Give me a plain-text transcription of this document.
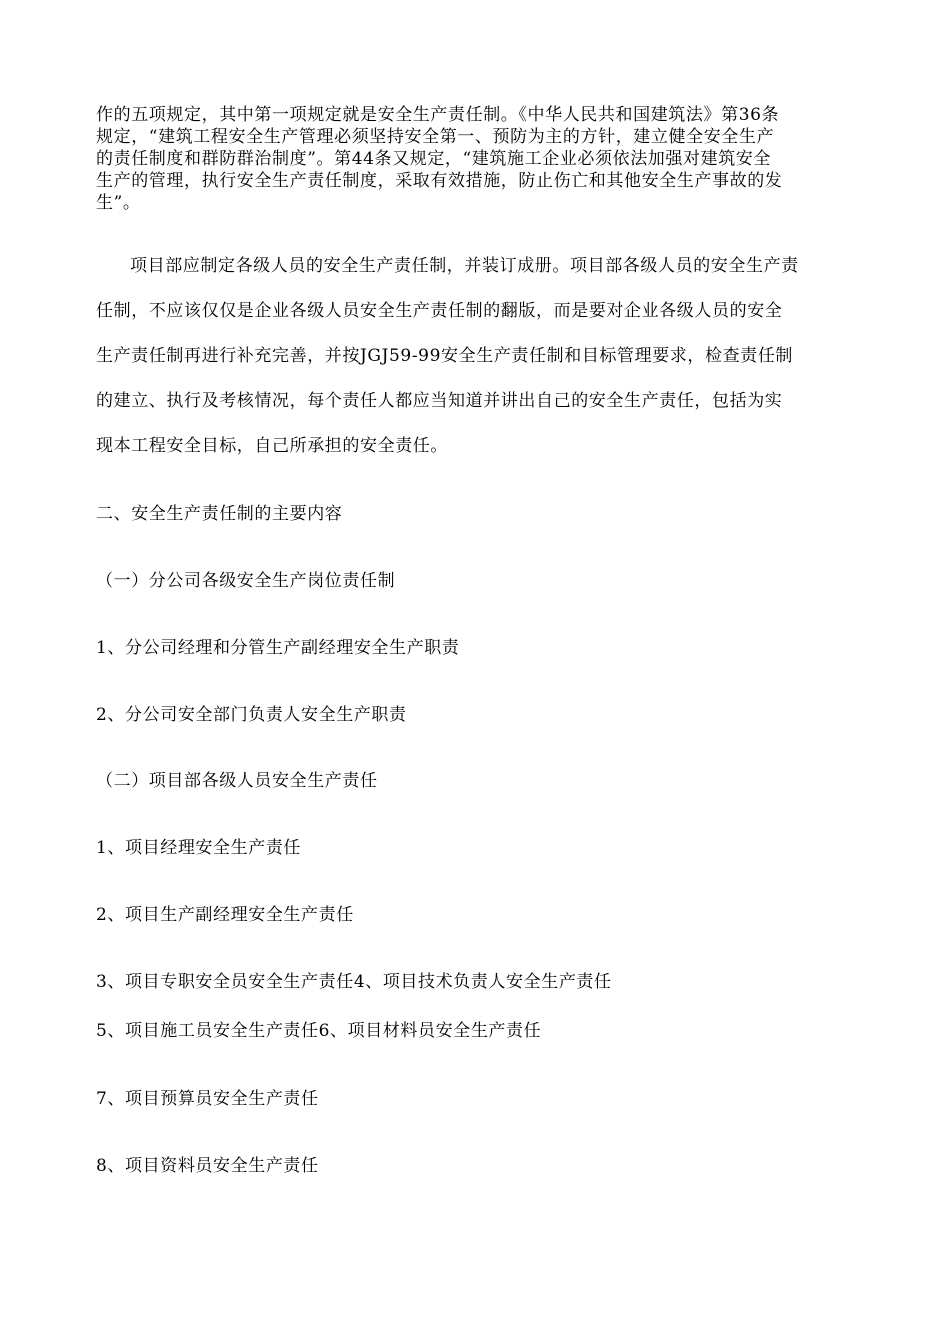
作的五项规定，其中第一项规定就是安全生产责任制。《中华人民共和国建筑法》第36条
规定，“建筑工程安全生产管理必须坚持安全第一、预防为主的方针，建立健全安全生产
的责任制度和群防群治制度”。第44条又规定，“建筑施工企业必须依法加强对建筑安全
生产的管理，执行安全生产责任制度，采取有效措施，防止伤亡和其他安全生产事故的发
生”。
项目部应制定各级人员的安全生产责任制，并装订成册。项目部各级人员的安全生产责
任制，不应该仅仅是企业各级人员安全生产责任制的翻版，而是要对企业各级人员的安全
生产责任制再进行补充完善，并按JGJ59-99安全生产责任制和目标管理要求，检查责任制
的建立、执行及考核情况，每个责任人都应当知道并讲出自己的安全生产责任，包括为实
现本工程安全目标，自己所承担的安全责任。
二、安全生产责任制的主要内容
（一）分公司各级安全生产岗位责任制
1、分公司经理和分管生产副经理安全生产职责
2、分公司安全部门负责人安全生产职责
（二）项目部各级人员安全生产责任
1、项目经理安全生产责任
2、项目生产副经理安全生产责任
3、项目专职安全员安全生产责任4、项目技术负责人安全生产责任
5、项目施工员安全生产责任6、项目材料员安全生产责任
7、项目预算员安全生产责任
8、项目资料员安全生产责任
